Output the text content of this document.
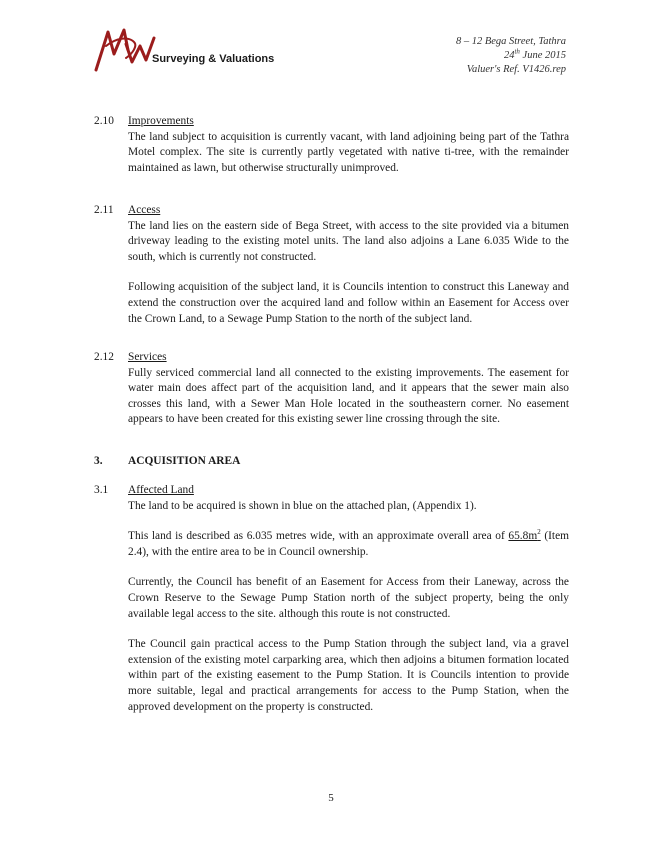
Surveying & Valuations
8 – 12 Bega Street, Tathra
24th June 2015
Valuer's Ref. V1426.rep
2.10 Improvements
The land subject to acquisition is currently vacant, with land adjoining being part of the Tathra Motel complex. The site is currently partly vegetated with native ti-tree, with the remainder maintained as lawn, but otherwise structurally unimproved.
2.11 Access
The land lies on the eastern side of Bega Street, with access to the site provided via a bitumen driveway leading to the existing motel units. The land also adjoins a Lane 6.035 Wide to the south, which is currently not constructed.
Following acquisition of the subject land, it is Councils intention to construct this Laneway and extend the construction over the acquired land and follow within an Easement for Access over the Crown Land, to a Sewage Pump Station to the north of the subject land.
2.12 Services
Fully serviced commercial land all connected to the existing improvements. The easement for water main does affect part of the acquisition land, and it appears that the sewer main also crosses this land, with a Sewer Man Hole located in the southeastern corner. No easement appears to have been created for this existing sewer line crossing through the site.
3. ACQUISITION AREA
3.1 Affected Land
The land to be acquired is shown in blue on the attached plan, (Appendix 1).
This land is described as 6.035 metres wide, with an approximate overall area of $65.8m^2$ (Item 2.4), with the entire area to be in Council ownership.
Currently, the Council has benefit of an Easement for Access from their Laneway, across the Crown Reserve to the Sewage Pump Station north of the subject property, being the only available legal access to the site. although this route is not constructed.
The Council gain practical access to the Pump Station through the subject land, via a gravel extension of the existing motel carparking area, which then adjoins a bitumen formation located within part of the existing easement to the Pump Station. It is Councils intention to provide more suitable, legal and practical arrangements for access to the Pump Station, when the approved development on the property is constructed.
5
